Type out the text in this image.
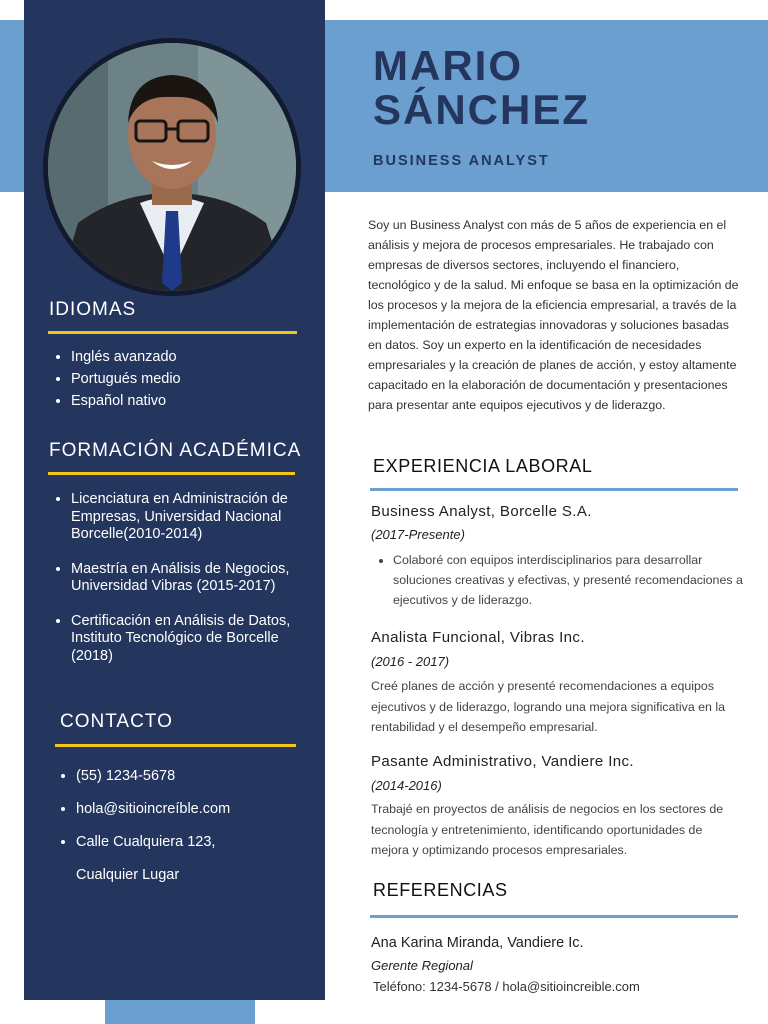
IDIOMAS
• Inglés avanzado
• Portugués medio
• Español nativo
FORMACIÓN ACADÉMICA
• Licenciatura en Administración de Empresas, Universidad Nacional Borcelle(2010-2014)
• Maestría en Análisis de Negocios, Universidad Vibras (2015-2017)
• Certificación en Análisis de Datos, Instituto Tecnológico de Borcelle (2018)
CONTACTO
• (55) 1234-5678
• hola@sitioincreíble.com
• Calle Cualquiera 123,
Cualquier Lugar
MARIO
SÁNCHEZ

BUSINESS ANALYST

Soy un Business Analyst con más de 5 años de experiencia en el análisis y mejora de procesos empresariales. He trabajado con empresas de diversos sectores, incluyendo el financiero, tecnológico y de la salud. Mi enfoque se basa en la optimización de los procesos y la mejora de la eficiencia empresarial, a través de la implementación de estrategias innovadoras y soluciones basadas en datos. Soy un experto en la identificación de necesidades empresariales y la creación de planes de acción, y estoy altamente capacitado en la elaboración de documentación y presentaciones para presentar ante equipos ejecutivos y de liderazgo.

EXPERIENCIA LABORAL

Business Analyst, Borcelle S.A.

(2017-Presente)

• Colaboré con equipos interdisciplinarios para desarrollar soluciones creativas y efectivas, y presenté recomendaciones a ejecutivos y de liderazgo.

Analista Funcional, Vibras Inc.

(2016 - 2017)

Creé planes de acción y presenté recomendaciones a equipos ejecutivos y de liderazgo, logrando una mejora significativa en la rentabilidad y el desempeño empresarial.

Pasante Administrativo, Vandiere Inc.

(2014-2016)

Trabajé en proyectos de análisis de negocios en los sectores de tecnología y entretenimiento, identificando oportunidades de mejora y optimizando procesos empresariales.

REFERENCIAS

Ana Karina Miranda, Vandiere Ic.

Gerente Regional

Teléfono: 1234-5678 / hola@sitioincreible.com
